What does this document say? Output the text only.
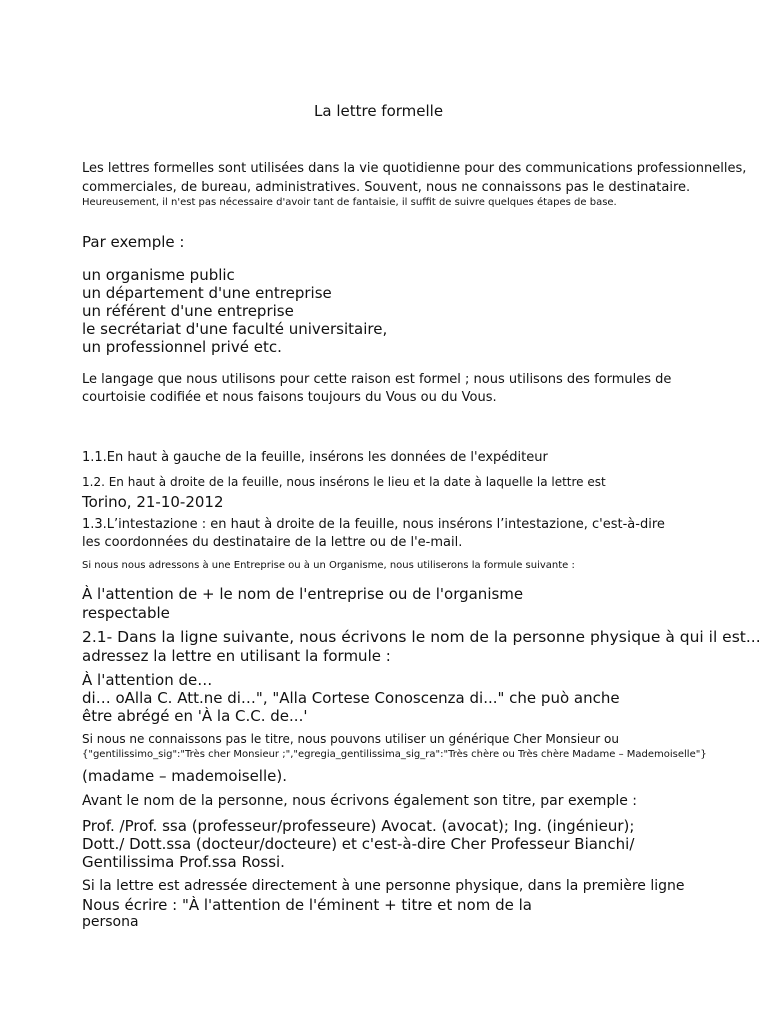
La lettre formelle

Les lettres formelles sont utilisées dans la vie quotidienne pour des communications professionnelles,

commerciales, de bureau, administratives. Souvent, nous ne connaissons pas le destinataire.

Heureusement, il n'est pas nécessaire d'avoir tant de fantaisie, il suffit de suivre quelques étapes de base.

Par exemple :

un organisme public

un département d'une entreprise

un référent d'une entreprise

le secrétariat d'une faculté universitaire,

un professionnel privé etc.

Le langage que nous utilisons pour cette raison est formel ; nous utilisons des formules de

courtoisie codifiée et nous faisons toujours du Vous ou du Vous.

1.1.En haut à gauche de la feuille, insérons les données de l'expéditeur

1.2. En haut à droite de la feuille, nous insérons le lieu et la date à laquelle la lettre est

Torino, 21-10-2012

1.3.L’intestazione : en haut à droite de la feuille, nous insérons l’intestazione, c'est-à-dire

les coordonnées du destinataire de la lettre ou de l'e-mail.

Si nous nous adressons à une Entreprise ou à un Organisme, nous utiliserons la formule suivante :

À l'attention de + le nom de l'entreprise ou de l'organisme

respectable

2.1- Dans la ligne suivante, nous écrivons le nom de la personne physique à qui il est...

adressez la lettre en utilisant la formule :

À l'attention de…

di… oAlla C. Att.ne di…", "Alla Cortese Conoscenza di..." che può anche

être abrégé en 'À la C.C. de...'

Si nous ne connaissons pas le titre, nous pouvons utiliser un générique Cher Monsieur ou

{"gentilissimo_sig":"Très cher Monsieur ;","egregia_gentilissima_sig_ra":"Très chère ou Très chère Madame – Mademoiselle"}

(madame – mademoiselle).

Avant le nom de la personne, nous écrivons également son titre, par exemple :

Prof. /Prof. ssa (professeur/professeure) Avocat. (avocat); Ing. (ingénieur);

Dott./ Dott.ssa (docteur/docteure) et c'est-à-dire Cher Professeur Bianchi/

Gentilissima Prof.ssa Rossi.

Si la lettre est adressée directement à une personne physique, dans la première ligne

Nous écrire : "À l'attention de l'éminent + titre et nom de la

persona
